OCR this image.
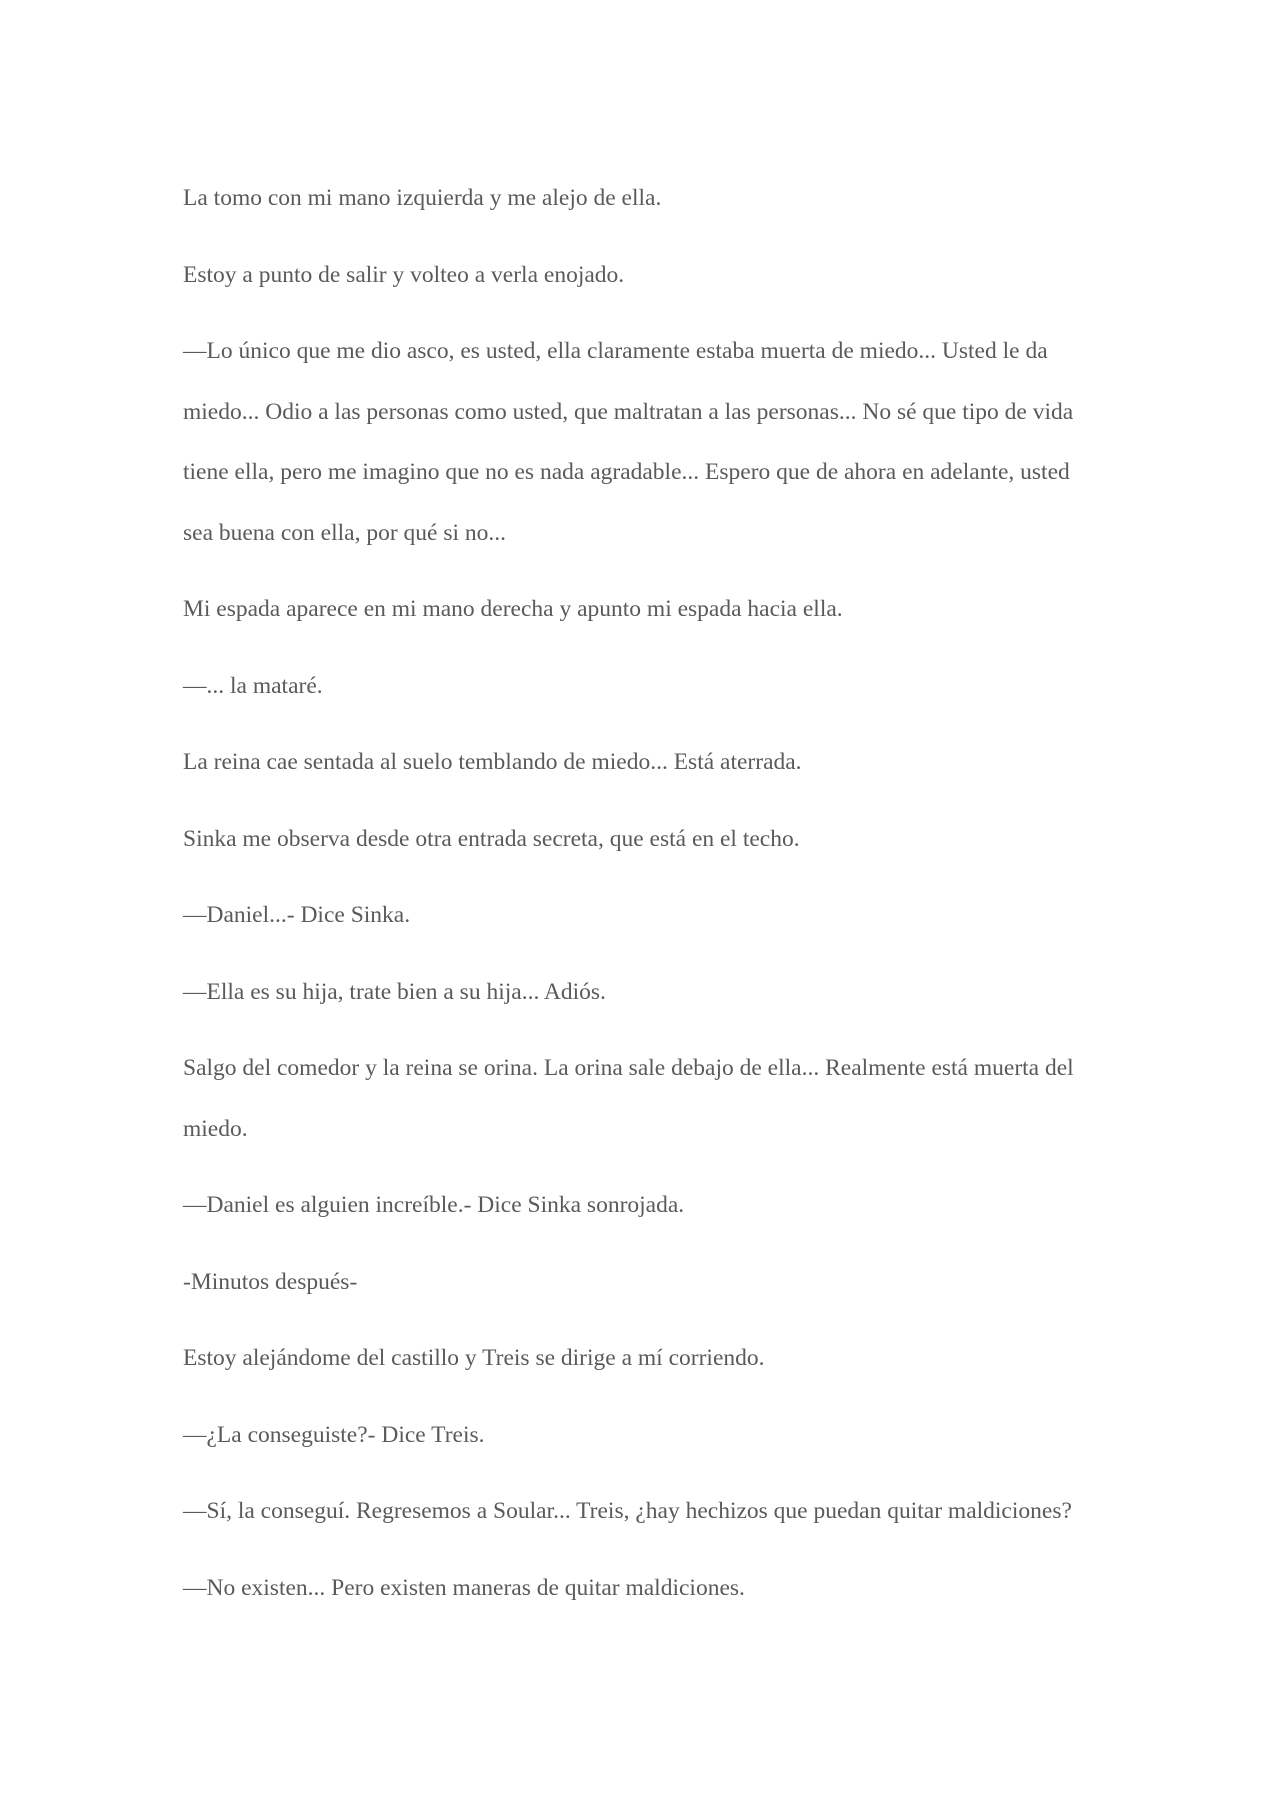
La tomo con mi mano izquierda y me alejo de ella.

Estoy a punto de salir y volteo a verla enojado.

—Lo único que me dio asco, es usted, ella claramente estaba muerta de miedo... Usted le da miedo... Odio a las personas como usted, que maltratan a las personas... No sé que tipo de vida tiene ella, pero me imagino que no es nada agradable... Espero que de ahora en adelante, usted sea buena con ella, por qué si no...

Mi espada aparece en mi mano derecha y apunto mi espada hacia ella.

—... la mataré.

La reina cae sentada al suelo temblando de miedo... Está aterrada.

Sinka me observa desde otra entrada secreta, que está en el techo.

—Daniel...- Dice Sinka.

—Ella es su hija, trate bien a su hija... Adiós.

Salgo del comedor y la reina se orina. La orina sale debajo de ella... Realmente está muerta del miedo.

—Daniel es alguien increíble.- Dice Sinka sonrojada.

-Minutos después-

Estoy alejándome del castillo y Treis se dirige a mí corriendo.

—¿La conseguiste?- Dice Treis.

—Sí, la conseguí. Regresemos a Soular... Treis, ¿hay hechizos que puedan quitar maldiciones?

—No existen... Pero existen maneras de quitar maldiciones.
